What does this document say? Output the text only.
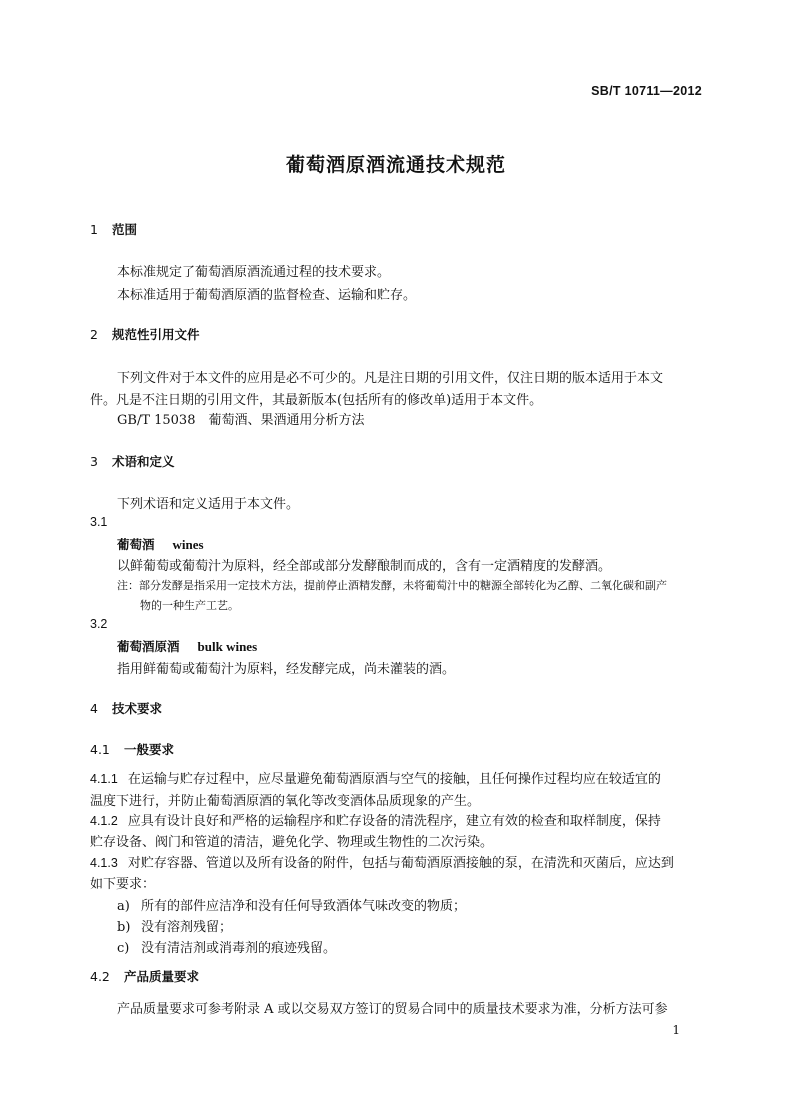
SB/T 10711—2012
葡萄酒原酒流通技术规范
1 范围
本标准规定了葡萄酒原酒流通过程的技术要求。
本标准适用于葡萄酒原酒的监督检查、运输和贮存。
2 规范性引用文件
下列文件对于本文件的应用是必不可少的。凡是注日期的引用文件，仅注日期的版本适用于本文
件。凡是不注日期的引用文件，其最新版本(包括所有的修改单)适用于本文件。
GB/T 15038　葡萄酒、果酒通用分析方法
3 术语和定义
下列术语和定义适用于本文件。
3.1
葡萄酒 wines
以鲜葡萄或葡萄汁为原料，经全部或部分发酵酿制而成的，含有一定酒精度的发酵酒。
注：部分发酵是指采用一定技术方法，提前停止酒精发酵，未将葡萄汁中的糖源全部转化为乙醇、二氧化碳和副产
物的一种生产工艺。
3.2
葡萄酒原酒 bulk wines
指用鲜葡萄或葡萄汁为原料，经发酵完成，尚未灌装的酒。
4 技术要求
4.1 一般要求
4.1.1 在运输与贮存过程中，应尽量避免葡萄酒原酒与空气的接触，且任何操作过程均应在较适宜的
温度下进行，并防止葡萄酒原酒的氧化等改变酒体品质现象的产生。
4.1.2 应具有设计良好和严格的运输程序和贮存设备的清洗程序，建立有效的检查和取样制度，保持
贮存设备、阀门和管道的清洁，避免化学、物理或生物性的二次污染。
4.1.3 对贮存容器、管道以及所有设备的附件，包括与葡萄酒原酒接触的泵，在清洗和灭菌后，应达到
如下要求：
a) 所有的部件应洁净和没有任何导致酒体气味改变的物质；
b) 没有溶剂残留；
c) 没有清洁剂或消毒剂的痕迹残留。
4.2 产品质量要求
产品质量要求可参考附录 A 或以交易双方签订的贸易合同中的质量技术要求为准，分析方法可参
1
